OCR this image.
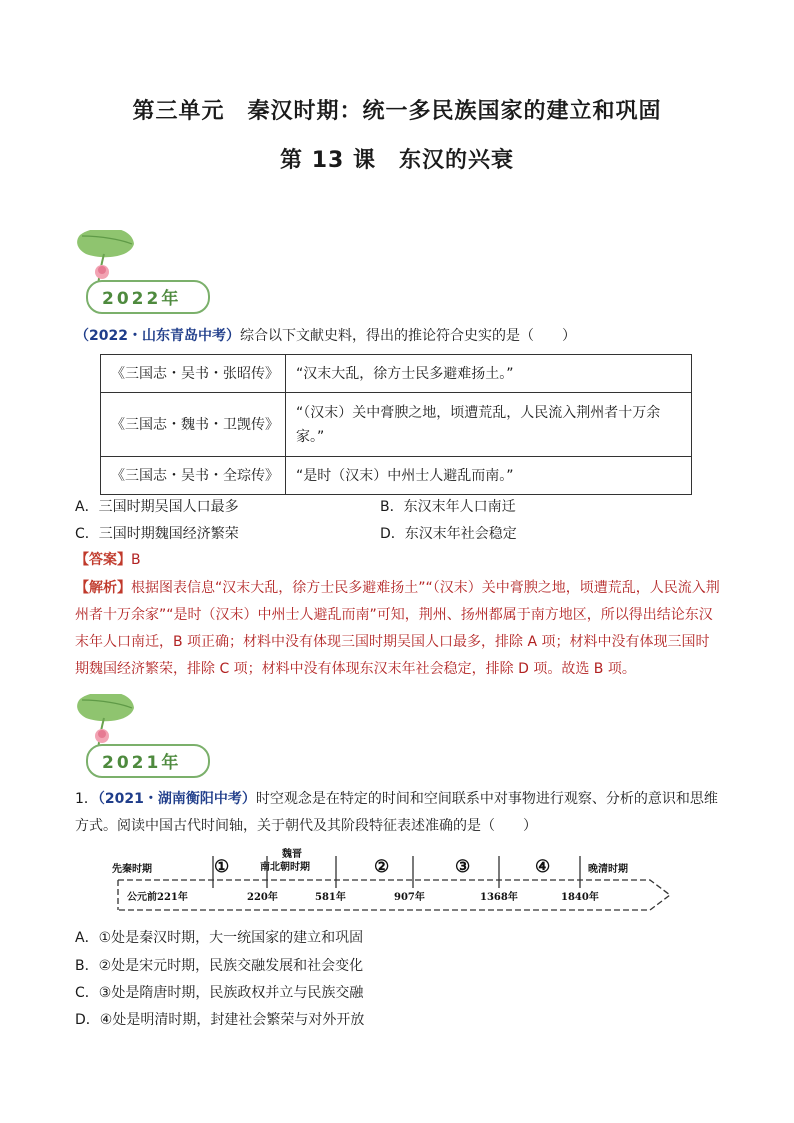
第三单元　秦汉时期：统一多民族国家的建立和巩固
第 13 课　东汉的兴衰
2022年
（2022・山东青岛中考）综合以下文献史料，得出的推论符合史实的是（　　）
《三国志・吴书・张昭传》	“汉末大乱，徐方士民多避难扬土。”
《三国志・魏书・卫觊传》	“（汉末）关中膏腴之地，顷遭荒乱，人民流入荆州者十万余家。”
《三国志・吴书・全琮传》	“是时（汉末）中州士人避乱而南。”
A．三国时期吴国人口最多	B．东汉末年人口南迁
C．三国时期魏国经济繁荣	D．东汉末年社会稳定
【答案】B
【解析】根据图表信息“汉末大乱，徐方士民多避难扬土”“（汉末）关中膏腴之地，顷遭荒乱，人民流入荆州者十万余家”“是时（汉末）中州士人避乱而南”可知，荆州、扬州都属于南方地区，所以得出结论东汉末年人口南迁，B 项正确；材料中没有体现三国时期吴国人口最多，排除 A 项；材料中没有体现三国时期魏国经济繁荣，排除 C 项；材料中没有体现东汉末年社会稳定，排除 D 项。故选 B 项。
2021年
1．（2021・湖南衡阳中考）时空观念是在特定的时间和空间联系中对事物进行观察、分析的意识和思维方式。阅读中国古代时间轴，关于朝代及其阶段特征表述准确的是（　　）
先秦时期	①
魏晋
南北朝时期	②	③	④	晚清时期
公元前221年	220年	581年	907年	1368年	1840年
A．①处是秦汉时期，大一统国家的建立和巩固
B．②处是宋元时期，民族交融发展和社会变化
C．③处是隋唐时期，民族政权并立与民族交融
D．④处是明清时期，封建社会繁荣与对外开放
